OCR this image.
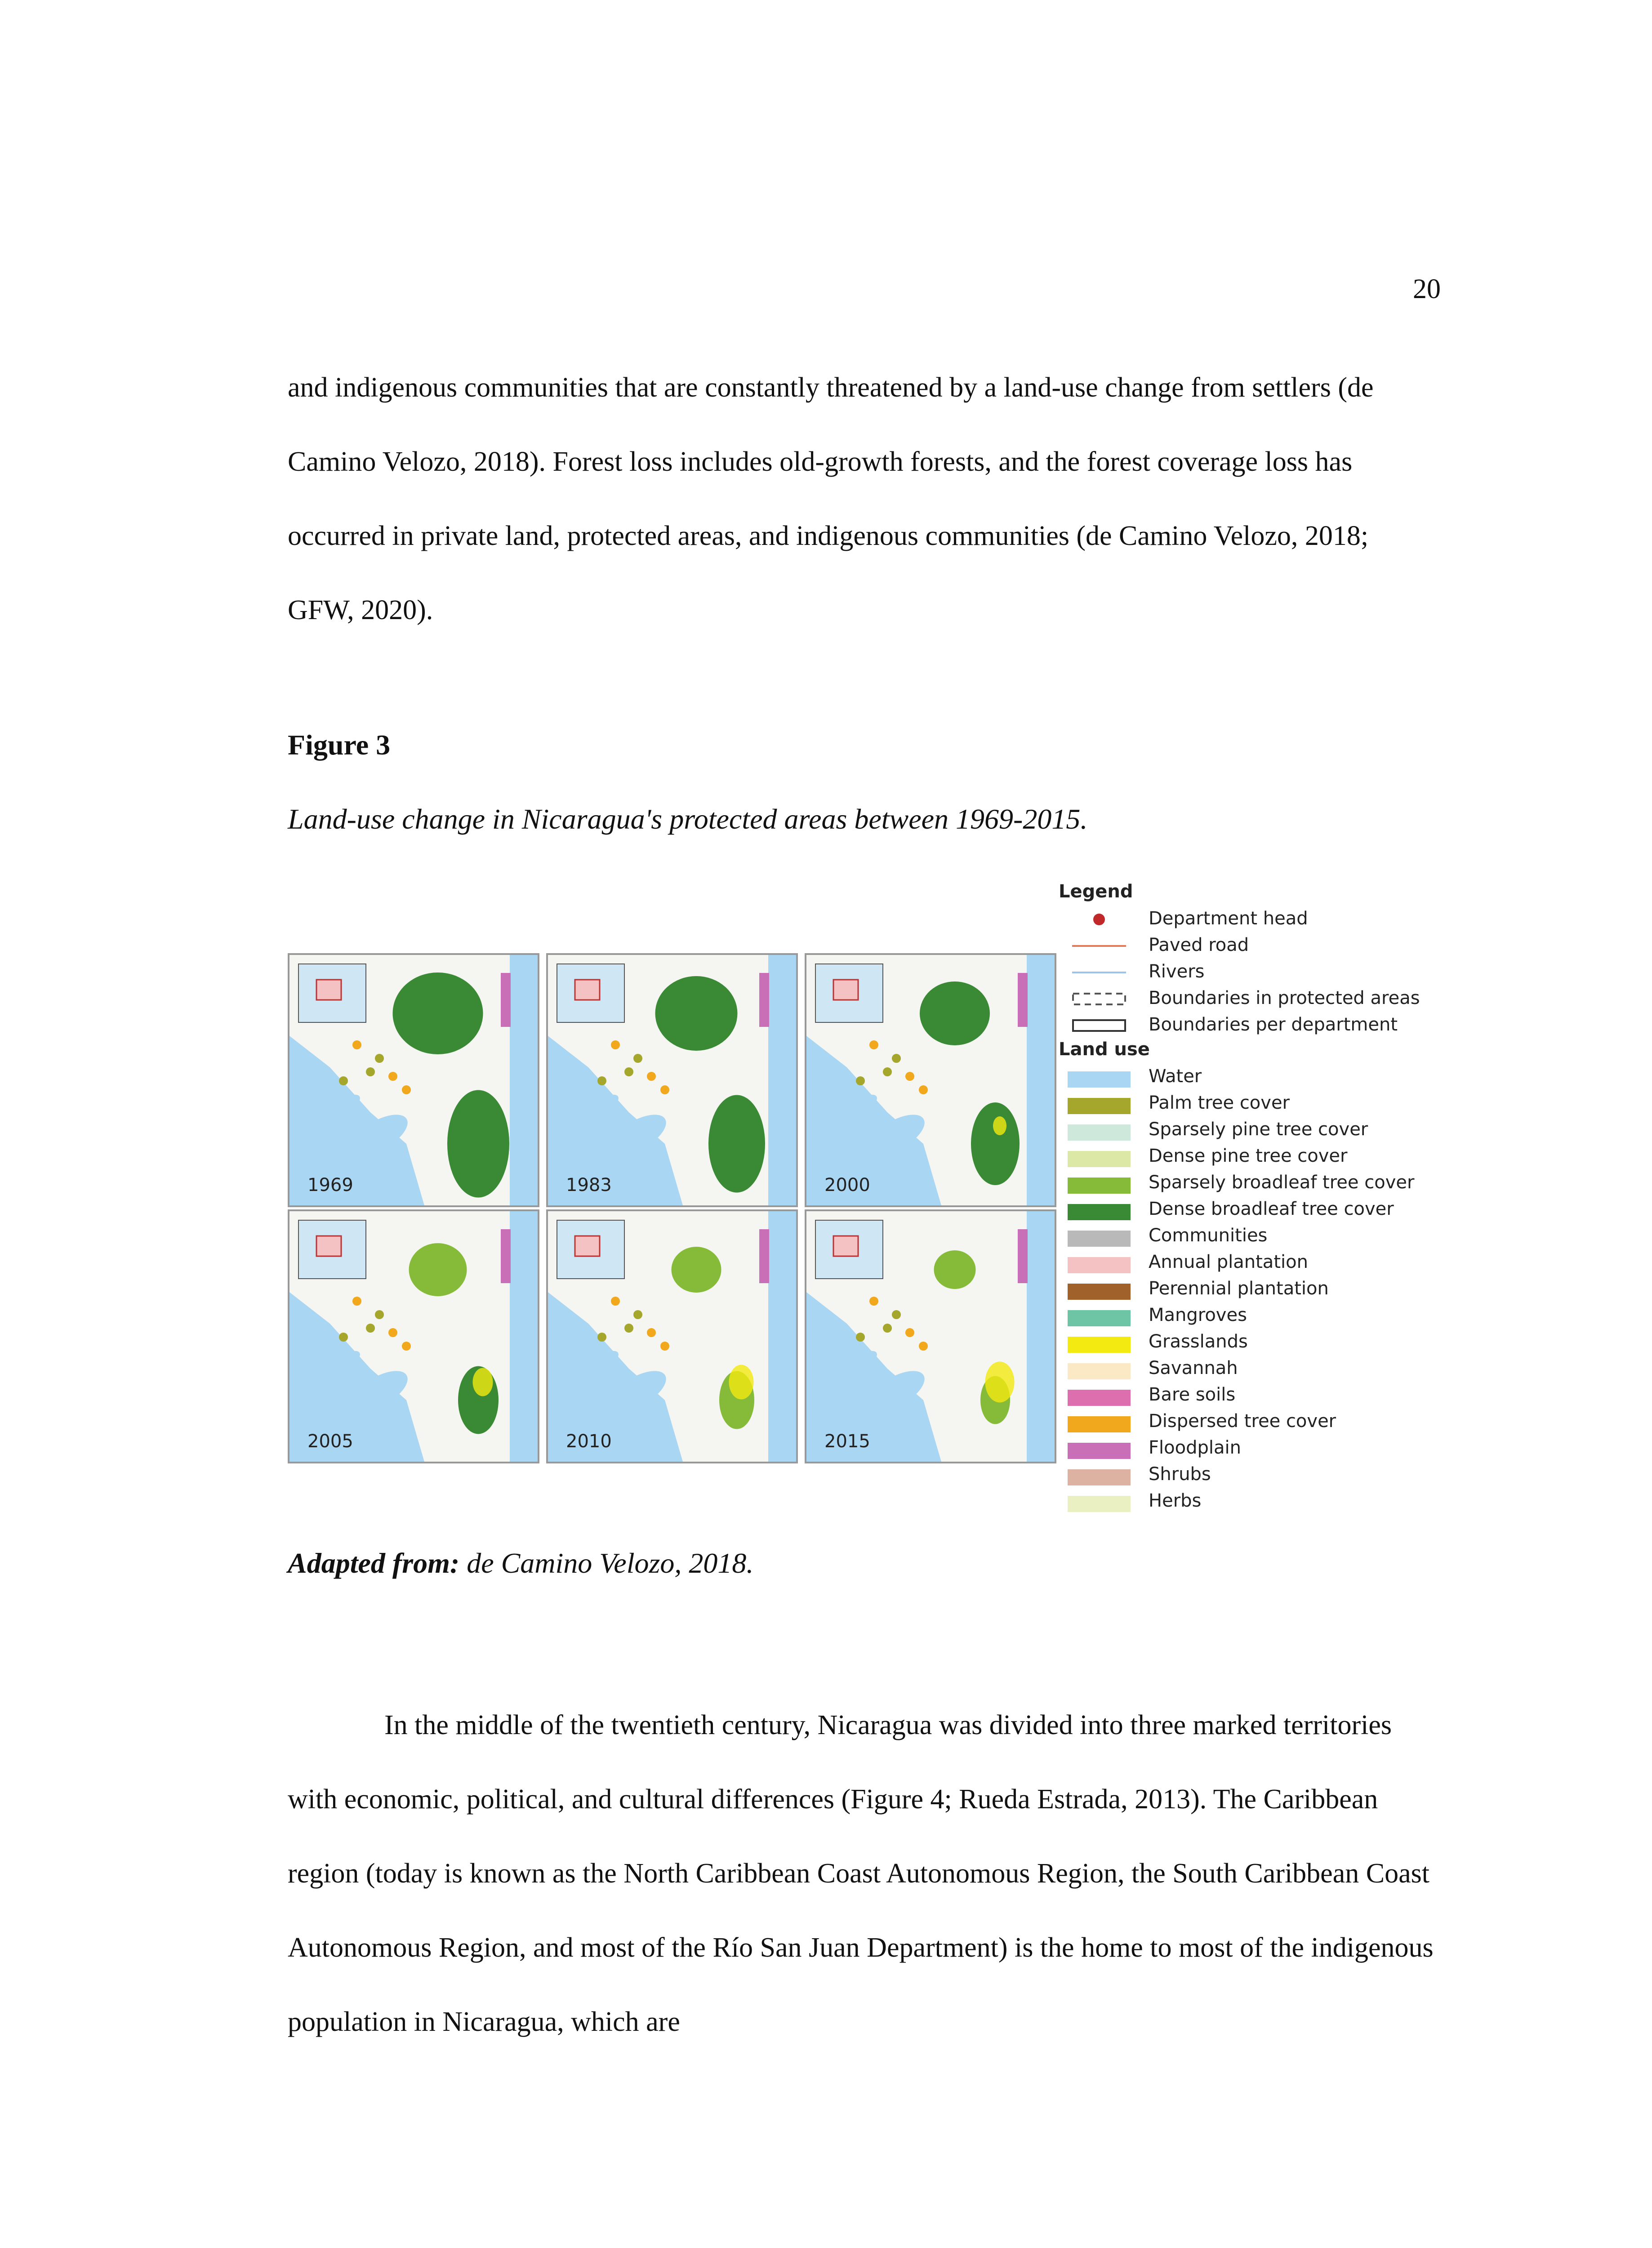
20

and indigenous communities that are constantly threatened by a land-use change from settlers (de Camino Velozo, 2018). Forest loss includes old-growth forests, and the forest coverage loss has occurred in private land, protected areas, and indigenous communities (de Camino Velozo, 2018; GFW, 2020).

Figure 3
Land-use change in Nicaragua's protected areas between 1969-2015.
1969	1983	2000
2005	2010	2015
Legend
Department head
Paved road
Rivers
Boundaries in protected areas
Boundaries per department
Land use
Water
Palm tree cover
Sparsely pine tree cover
Dense pine tree cover
Sparsely broadleaf tree cover
Dense broadleaf tree cover
Communities
Annual plantation
Perennial plantation
Mangroves
Grasslands
Savannah
Bare soils
Dispersed tree cover
Floodplain
Shrubs
Herbs
Adapted from: de Camino Velozo, 2018.

In the middle of the twentieth century, Nicaragua was divided into three marked territories with economic, political, and cultural differences (Figure 4; Rueda Estrada, 2013). The Caribbean region (today is known as the North Caribbean Coast Autonomous Region, the South Caribbean Coast Autonomous Region, and most of the Río San Juan Department) is the home to most of the indigenous population in Nicaragua, which are
